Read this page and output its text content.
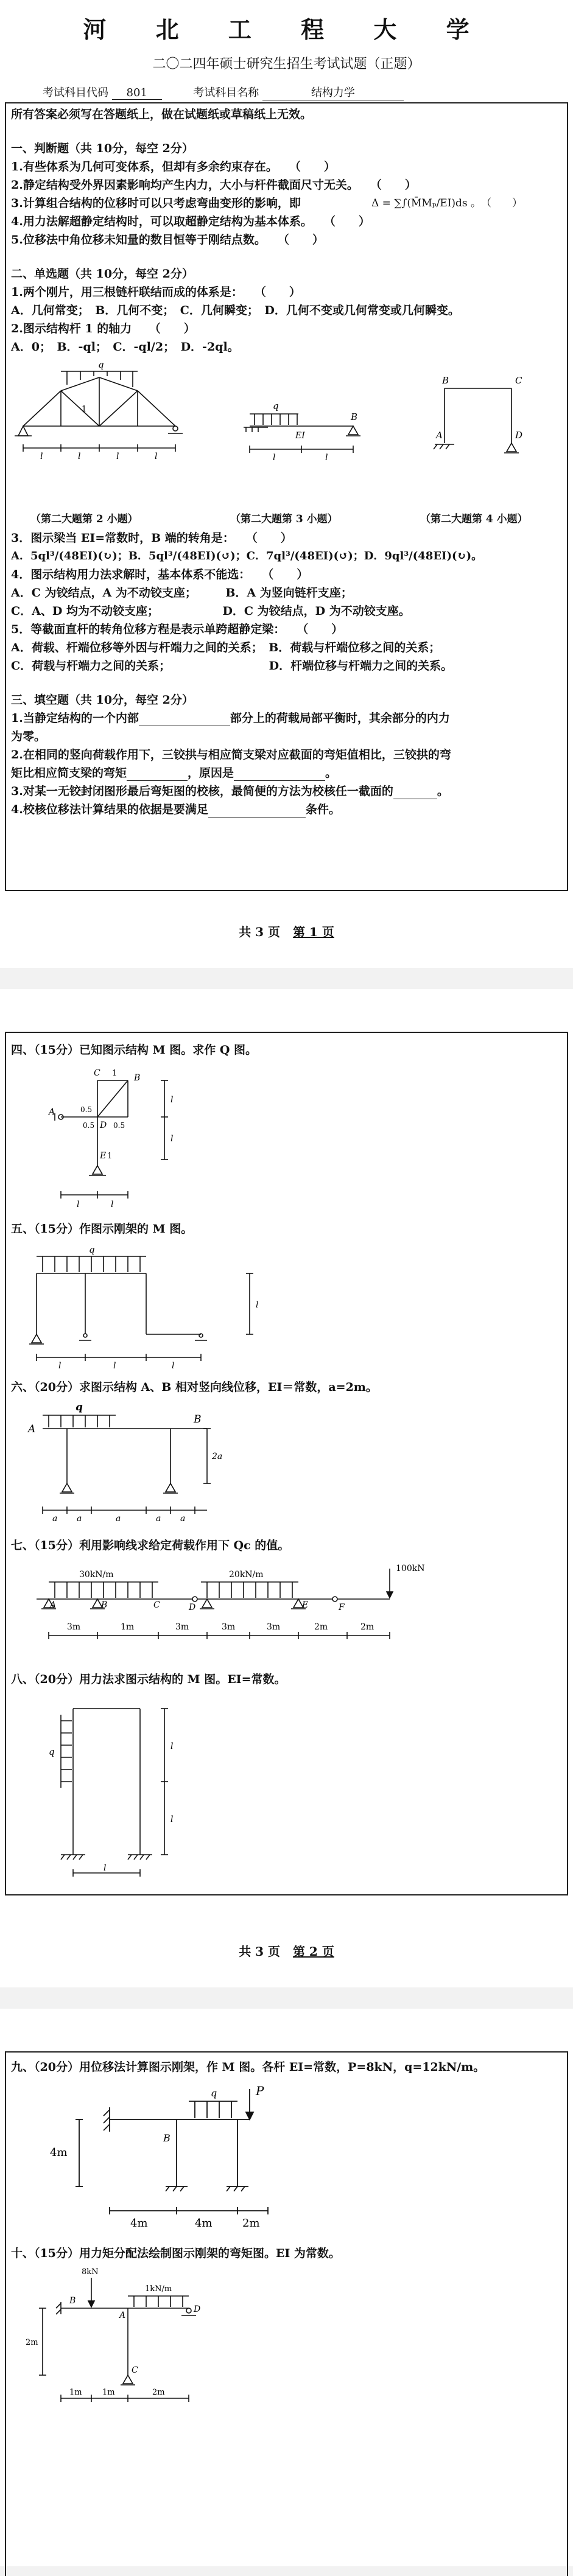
河 北 工 程 大 学
二〇二四年硕士研究生招生考试试题（正题）
考试科目代码 801	考试科目名称	结构力学
所有答案必须写在答题纸上，做在试题纸或草稿纸上无效。
一、判断题（共 10分，每空 2分）
1.有些体系为几何可变体系，但却有多余约束存在。　　（　　）
2.静定结构受外界因素影响均产生内力，大小与杆件截面尺寸无关。　　（　　）
3.计算组合结构的位移时可以只考虑弯曲变形的影响，即	Δ = ∑∫(M̄Mₚ/EI)ds 。　（　　）
4.用力法解超静定结构时，可以取超静定结构为基本体系。　　（　　）
5.位移法中角位移未知量的数目恒等于刚结点数。　　（　　）
二、单选题（共 10分，每空 2分）
1.两个刚片，用三根链杆联结而成的体系是：　　（　　）
A．几何常变；　B．几何不变；　C．几何瞬变；　D．几何不变或几何常变或几何瞬变。
2.图示结构杆 1 的轴力　　（　　）
A．0；　B．-ql；　C．-ql/2；　D．-2ql。
q
1
l	l	l	l
q
B
EI
l	l
B	C
A	D
（第二大题第 2 小题）	（第二大题第 3 小题）	（第二大题第 4 小题）
3．图示梁当 EI=常数时，B 端的转角是：　　（　　）
A．5ql³/(48EI)(↻)；B．5ql³/(48EI)(↺)；C．7ql³/(48EI)(↺)；D．9ql³/(48EI)(↻)。
4．图示结构用力法求解时，基本体系不能选：　　（　　）
A．C 为铰结点，A 为不动铰支座；　　　B．A 为竖向链杆支座；
C．A、D 均为不动铰支座；　　　　　　D．C 为铰结点，D 为不动铰支座。
5．等截面直杆的转角位移方程是表示单跨超静定梁：　　（　　）
A．荷载、杆端位移等外因与杆端力之间的关系；　B．荷载与杆端位移之间的关系；
C．荷载与杆端力之间的关系；　　　　　　　　　D．杆端位移与杆端力之间的关系。
三、填空题（共 10分，每空 2分）
1.当静定结构的一个内部	部分上的荷载局部平衡时，其余部分的内力
为零。
2.在相同的竖向荷载作用下，三铰拱与相应简支梁对应截面的弯矩值相比，三铰拱的弯
矩比相应简支梁的弯矩	，原因是	。
3.对某一无铰封闭图形最后弯矩图的校核，最简便的方法为校核任一截面的	。
4.校核位移法计算结果的依据是要满足	条件。
共 3 页 第 1 页
四、（15分）已知图示结构 M 图。求作 Q 图。
A
C 1 B
D
0.5
0.5	0.5
E 1
l
l
l	l
五、（15分）作图示刚架的 M 图。
q
l
l	l	l
六、（20分）求图示结构 A、B 相对竖向线位移，EI＝常数，a=2m。
q
A
B
2a
a a	a	a a
七、（15分）利用影响线求给定荷载作用下 Qc 的值。
30kN/m	20kN/m
100kN
A	B	C	D	E	F
3m	1m	3m	3m	3m	2m	2m
八、（20分）用力法求图示结构的 M 图。EI=常数。
q	l
l
l
共 3 页 第 2 页
九、（20分）用位移法计算图示刚架，作 M 图。各杆 EI=常数，P=8kN，q=12kN/m。
q	P
B
4m
4m	4m	2m
十、（15分）用力矩分配法绘制图示刚架的弯矩图。EI 为常数。
8kN
1kN/m
B
A
D
C
2m
1m	1m	2m
